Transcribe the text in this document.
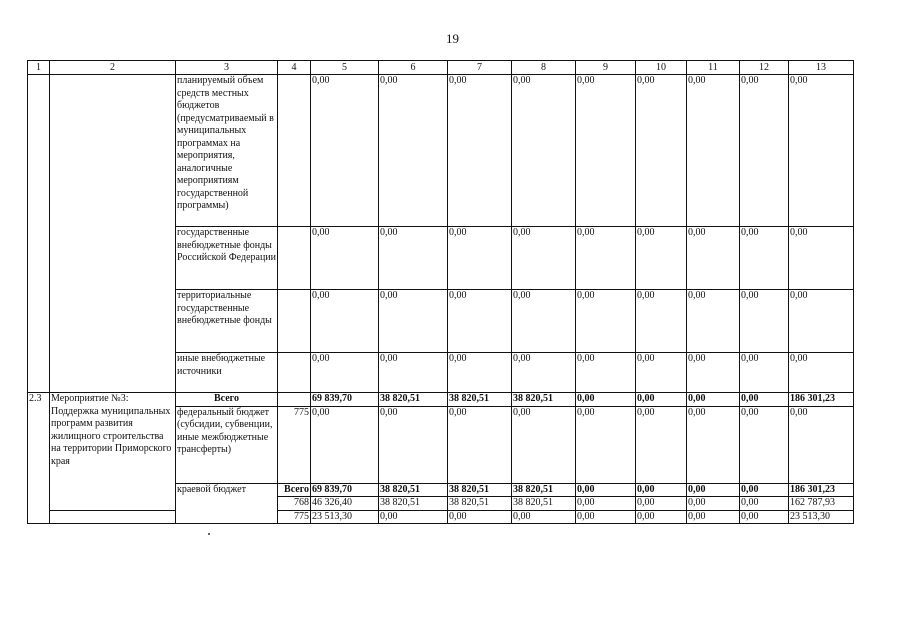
19
1	2	3	4	5	6	7	8	9	10	11	12	13
		планируемый объем средств местных бюджетов (предусматриваемый в муниципальных программах на мероприятия, аналогичные мероприятиям государственной программы)		0,00	0,00	0,00	0,00	0,00	0,00	0,00	0,00	0,00
		государственные внебюджетные фонды Российской Федерации		0,00	0,00	0,00	0,00	0,00	0,00	0,00	0,00	0,00
		территориальные государственные внебюджетные фонды		0,00	0,00	0,00	0,00	0,00	0,00	0,00	0,00	0,00
		иные внебюджетные источники		0,00	0,00	0,00	0,00	0,00	0,00	0,00	0,00	0,00
2.3	Мероприятие №3: Поддержка муниципальных программ развития жилищного строительства на территории Приморского края	Всего		69 839,70	38 820,51	38 820,51	38 820,51	0,00	0,00	0,00	0,00	186 301,23
		федеральный бюджет (субсидии, субвенции, иные межбюджетные трансферты)	775	0,00	0,00	0,00	0,00	0,00	0,00	0,00	0,00	0,00
		краевой бюджет	Всего	69 839,70	38 820,51	38 820,51	38 820,51	0,00	0,00	0,00	0,00	186 301,23
			768	46 326,40	38 820,51	38 820,51	38 820,51	0,00	0,00	0,00	0,00	162 787,93
			775	23 513,30	0,00	0,00	0,00	0,00	0,00	0,00	0,00	23 513,30
